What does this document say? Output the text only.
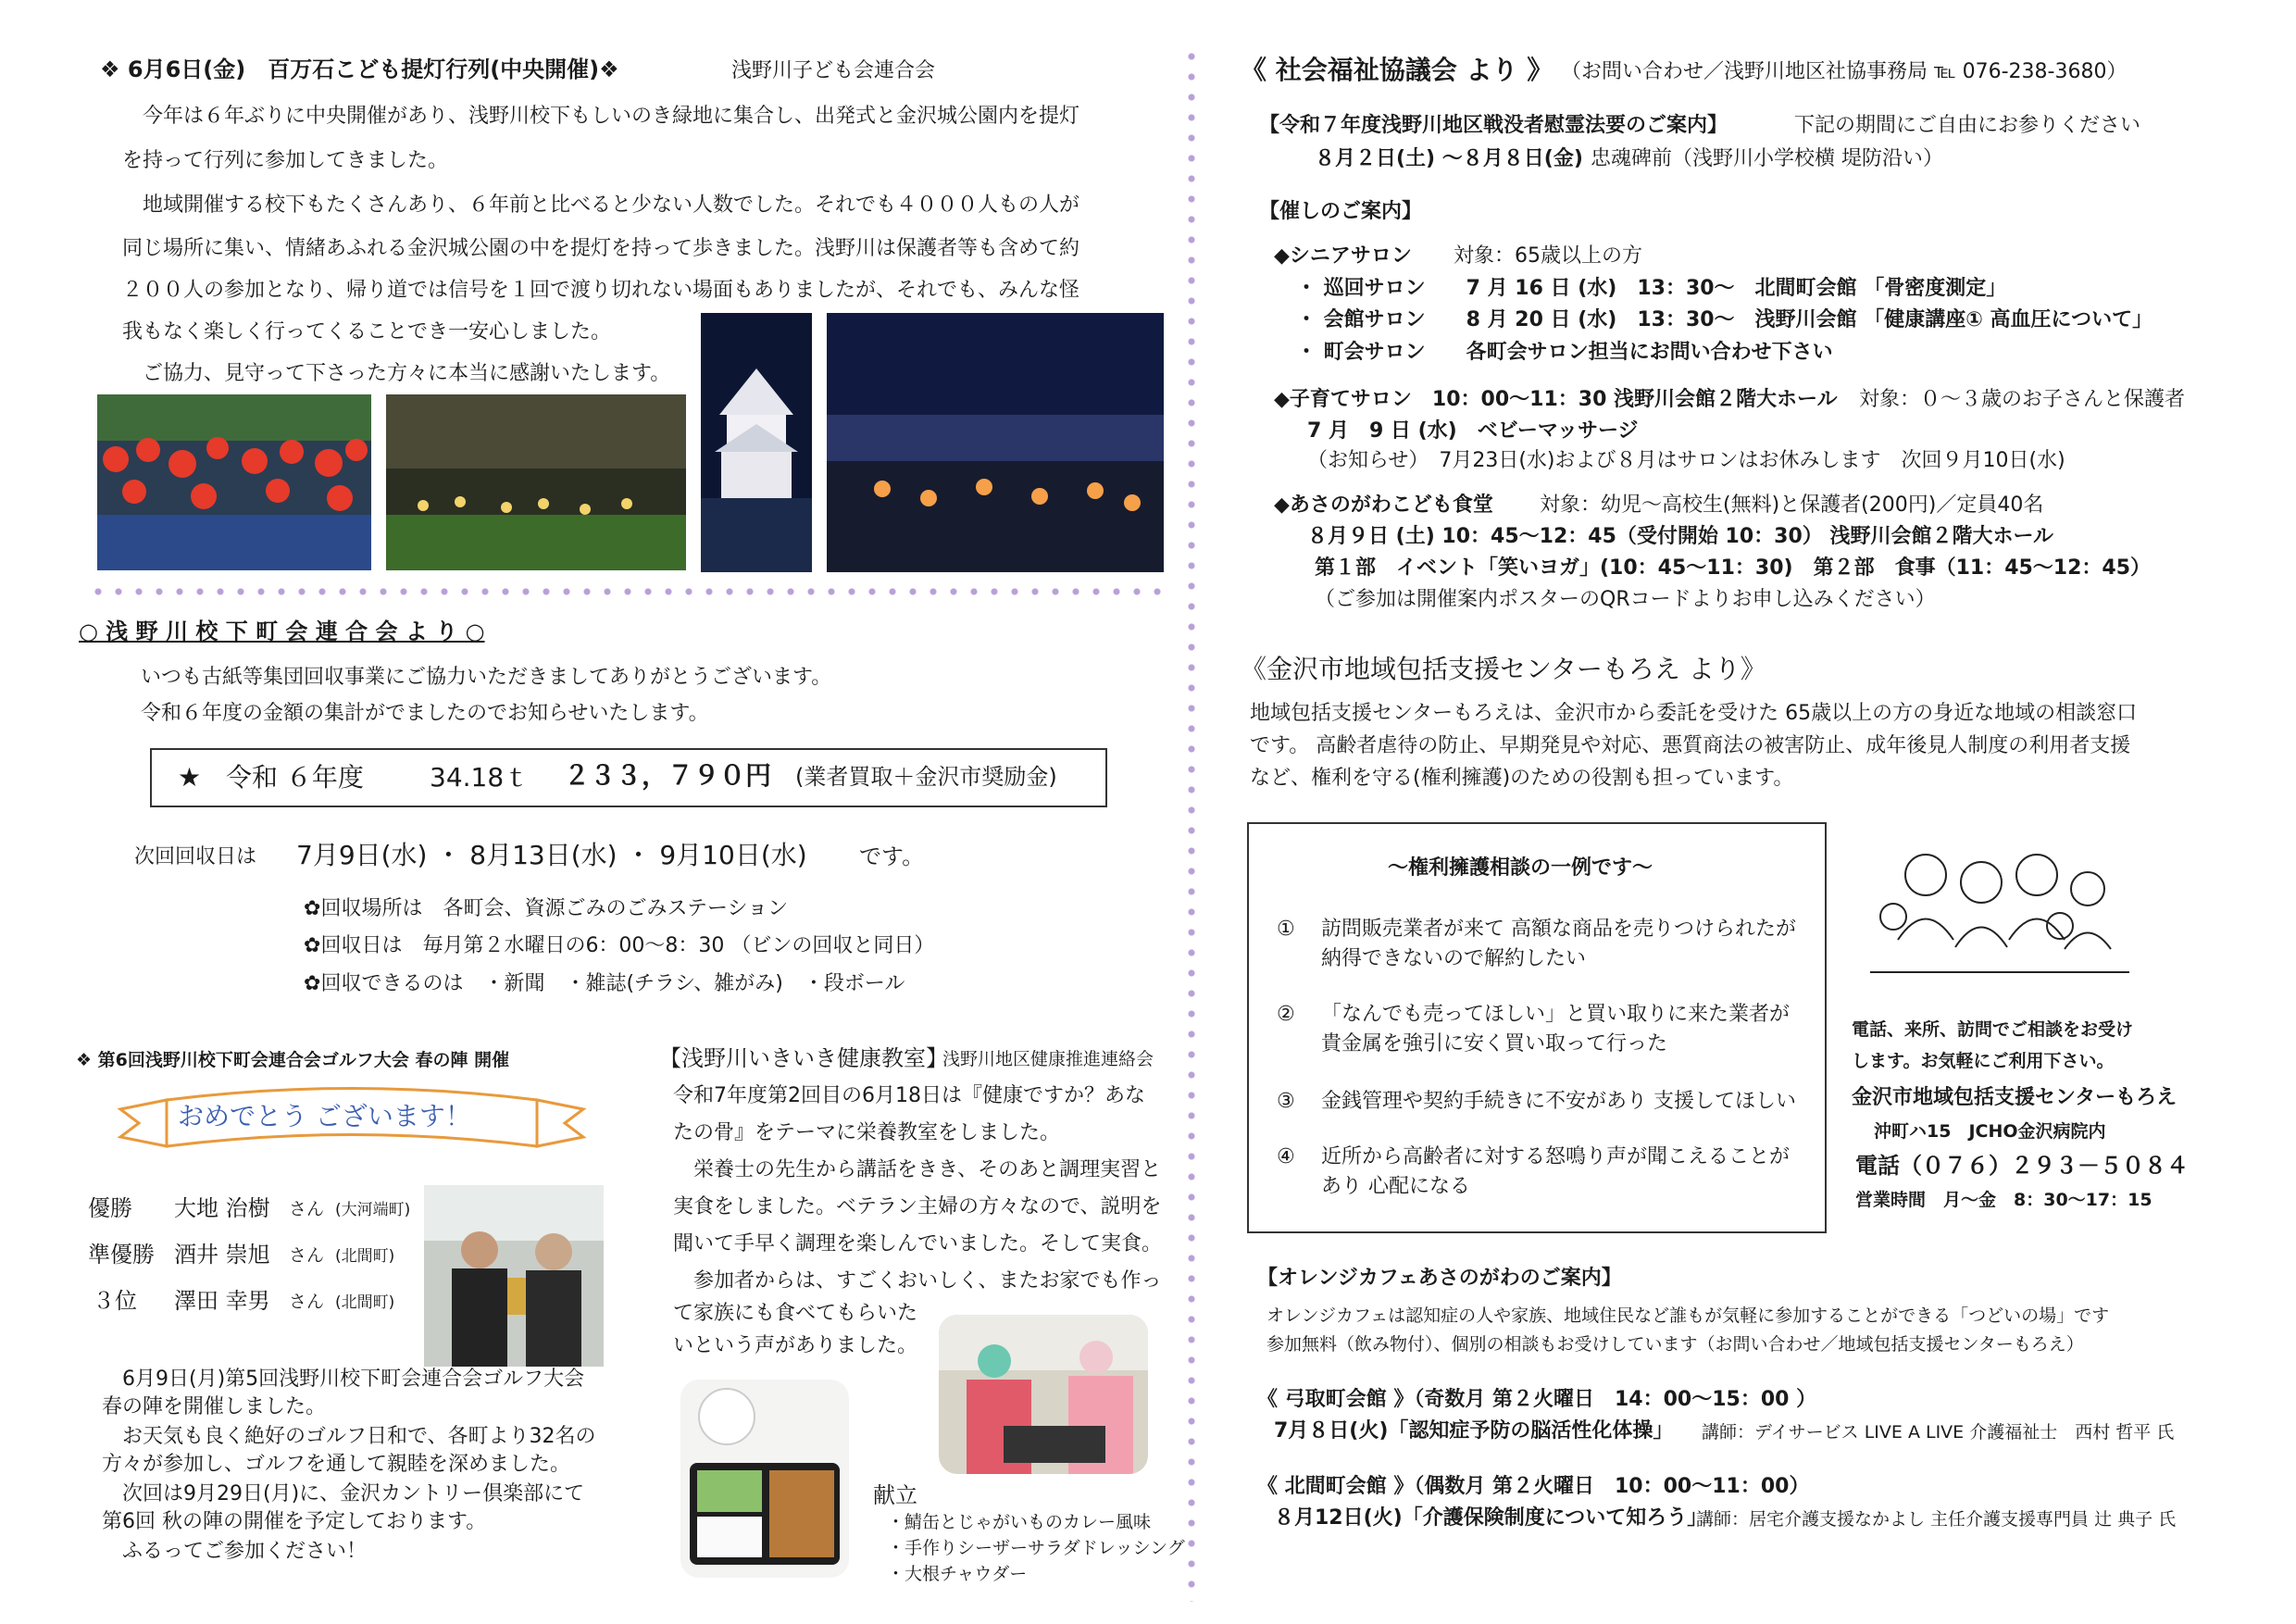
❖ 6月6日(金)　百万石こども提灯行列(中央開催)❖	浅野川子ども会連合会
　今年は６年ぶりに中央開催があり、浅野川校下もしいのき緑地に集合し、出発式と金沢城公園内を提灯
を持って行列に参加してきました。
　地域開催する校下もたくさんあり、６年前と比べると少ない人数でした。それでも４０００人もの人が
同じ場所に集い、情緒あふれる金沢城公園の中を提灯を持って歩きました。浅野川は保護者等も含めて約
２００人の参加となり、帰り道では信号を１回で渡り切れない場面もありましたが、それでも、みんな怪
我もなく楽しく行ってくることでき一安心しました。
　ご協力、見守って下さった方々に本当に感謝いたします。
○ 浅 野 川 校 下 町 会 連 合 会 よ り ○
いつも古紙等集団回収事業にご協力いただきましてありがとうございます。
令和６年度の金額の集計がでましたのでお知らせいたします。
★ 令和 ６年度	34.18ｔ ２３３，７９０円 (業者買取＋金沢市奨励金)
次回回収日は 7月9日(水) ・ 8月13日(水) ・ 9月10日(水) です。
✿回収場所は　各町会、資源ごみのごみステーション
✿回収日は　毎月第２水曜日の6：00～8：30 （ビンの回収と同日）
✿回収できるのは　・新聞　・雑誌(チラシ、雑がみ)　・段ボール
❖ 第6回浅野川校下町会連合会ゴルフ大会 春の陣 開催
おめでとう ございます！
優勝 大地 治樹 さん (大河端町)
準優勝 酒井 崇旭 さん (北間町)
３位 澤田 幸男 さん (北間町)
　6月9日(月)第5回浅野川校下町会連合会ゴルフ大会
春の陣を開催しました。
　お天気も良く絶好のゴルフ日和で、各町より32名の
方々が参加し、ゴルフを通して親睦を深めました。
　次回は9月29日(月)に、金沢カントリー倶楽部にて
第6回 秋の陣の開催を予定しております。
　ふるってご参加ください！
【浅野川いきいき健康教室】
浅野川地区健康推進連絡会
令和7年度第2回目の6月18日は『健康ですか？あな
たの骨』をテーマに栄養教室をしました。
　栄養士の先生から講話をきき、そのあと調理実習と
実食をしました。ベテラン主婦の方々なので、説明を
聞いて手早く調理を楽しんでいました。そして実食。
　参加者からは、すごくおいしく、またお家でも作っ
て家族にも食べてもらいた
いという声がありました。
献立
・鯖缶とじゃがいものカレー風味
・手作りシーザーサラダドレッシング
・大根チャウダー
《 社会福祉協議会 より 》 （お問い合わせ／浅野川地区社協事務局 ℡ 076-238-3680）
【令和７年度浅野川地区戦没者慰霊法要のご案内】	下記の期間にご自由にお参りください
８月２日(土) ～８月８日(金) 忠魂碑前（浅野川小学校横 堤防沿い）
【催しのご案内】
◆シニアサロン 対象：65歳以上の方
・ 巡回サロン　　7 月 16 日 (水)　13：30～　北間町会館 「骨密度測定」
・ 会館サロン　　8 月 20 日 (水)　13：30～　浅野川会館 「健康講座① 高血圧について」
・ 町会サロン　　各町会サロン担当にお問い合わせ下さい
◆子育てサロン　10：00～11：30 浅野川会館２階大ホール 対象：０～３歳のお子さんと保護者
7 月　9 日 (水)　ベビーマッサージ
（お知らせ）　7月23日(水)および８月はサロンはお休みします　次回９月10日(水)
◆あさのがわこども食堂 対象：幼児～高校生(無料)と保護者(200円)／定員40名
８月９日 (土) 10：45～12：45（受付開始 10：30） 浅野川会館２階大ホール
第１部　イベント「笑いヨガ」(10：45～11：30)　第２部　食事（11：45～12：45）
（ご参加は開催案内ポスターのQRコードよりお申し込みください）
《金沢市地域包括支援センターもろえ より》
地域包括支援センターもろえは、金沢市から委託を受けた 65歳以上の方の身近な地域の相談窓口
です。 高齢者虐待の防止、早期発見や対応、悪質商法の被害防止、成年後見人制度の利用者支援
など、権利を守る(権利擁護)のための役割も担っています。
～権利擁護相談の一例です～
① 訪問販売業者が来て 高額な商品を売りつけられたが
納得できないので解約したい
② 「なんでも売ってほしい」と買い取りに来た業者が
貴金属を強引に安く買い取って行った
③ 金銭管理や契約手続きに不安があり 支援してほしい
④ 近所から高齢者に対する怒鳴り声が聞こえることが
あり 心配になる
電話、来所、訪問でご相談をお受け
します。お気軽にご利用下さい。
金沢市地域包括支援センターもろえ
沖町ハ15　JCHO金沢病院内
電話（０７６）２９３－５０８４
営業時間　月～金　8：30～17：15
【オレンジカフェあさのがわのご案内】
オレンジカフェは認知症の人や家族、地域住民など誰もが気軽に参加することができる「つどいの場」です
参加無料（飲み物付）、個別の相談もお受けしています（お問い合わせ／地域包括支援センターもろえ）
《 弓取町会館 》（奇数月 第２火曜日　14：00～15：00 ）
7月８日(火)「認知症予防の脳活性化体操」 講師：デイサービス LIVE A LIVE 介護福祉士　西村 哲平 氏
《 北間町会館 》（偶数月 第２火曜日　10：00～11：00）
８月12日(火)「介護保険制度について知ろう」
講師：居宅介護支援なかよし 主任介護支援専門員 辻 典子 氏
